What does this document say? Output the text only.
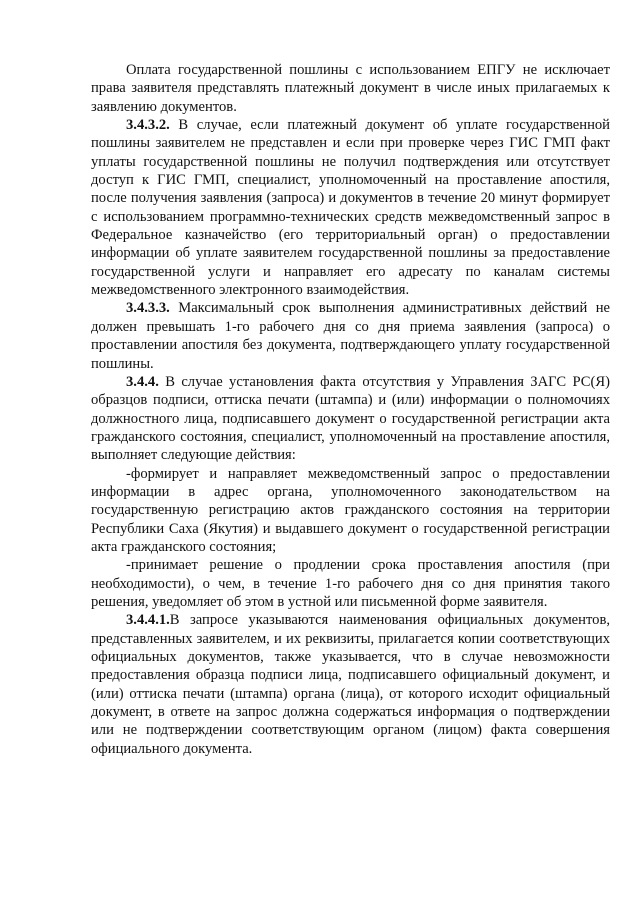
Оплата государственной пошлины с использованием ЕПГУ не исключает права заявителя представлять платежный документ в числе иных прилагаемых к заявлению документов.

3.4.3.2. В случае, если платежный документ об уплате государственной пошлины заявителем не представлен и если при проверке через ГИС ГМП факт уплаты государственной пошлины не получил подтверждения или отсутствует доступ к ГИС ГМП, специалист, уполномоченный на проставление апостиля, после получения заявления (запроса) и документов в течение 20 минут формирует с использованием программно-технических средств межведомственный запрос в Федеральное казначейство (его территориальный орган) о предоставлении информации об уплате заявителем государственной пошлины за предоставление государственной услуги и направляет его адресату по каналам системы межведомственного электронного взаимодействия.

3.4.3.3. Максимальный срок выполнения административных действий не должен превышать 1-го рабочего дня со дня приема заявления (запроса) о проставлении апостиля без документа, подтверждающего уплату государственной пошлины.

3.4.4. В случае установления факта отсутствия у Управления ЗАГС РС(Я) образцов подписи, оттиска печати (штампа) и (или) информации о полномочиях должностного лица, подписавшего документ о государственной регистрации акта гражданского состояния, специалист, уполномоченный на проставление апостиля, выполняет следующие действия:

-формирует и направляет межведомственный запрос о предоставлении информации в адрес органа, уполномоченного законодательством на государственную регистрацию актов гражданского состояния на территории Республики Саха (Якутия) и выдавшего документ о государственной регистрации акта гражданского состояния;

-принимает решение о продлении срока проставления апостиля (при необходимости), о чем, в течение 1-го рабочего дня со дня принятия такого решения, уведомляет об этом в устной или письменной форме заявителя.

3.4.4.1.В запросе указываются наименования официальных документов, представленных заявителем, и их реквизиты, прилагается копии соответствующих официальных документов, также указывается, что в случае невозможности предоставления образца подписи лица, подписавшего официальный документ, и (или) оттиска печати (штампа) органа (лица), от которого исходит официальный документ, в ответе на запрос должна содержаться информация о подтверждении или не подтверждении соответствующим органом (лицом) факта совершения официального документа.
